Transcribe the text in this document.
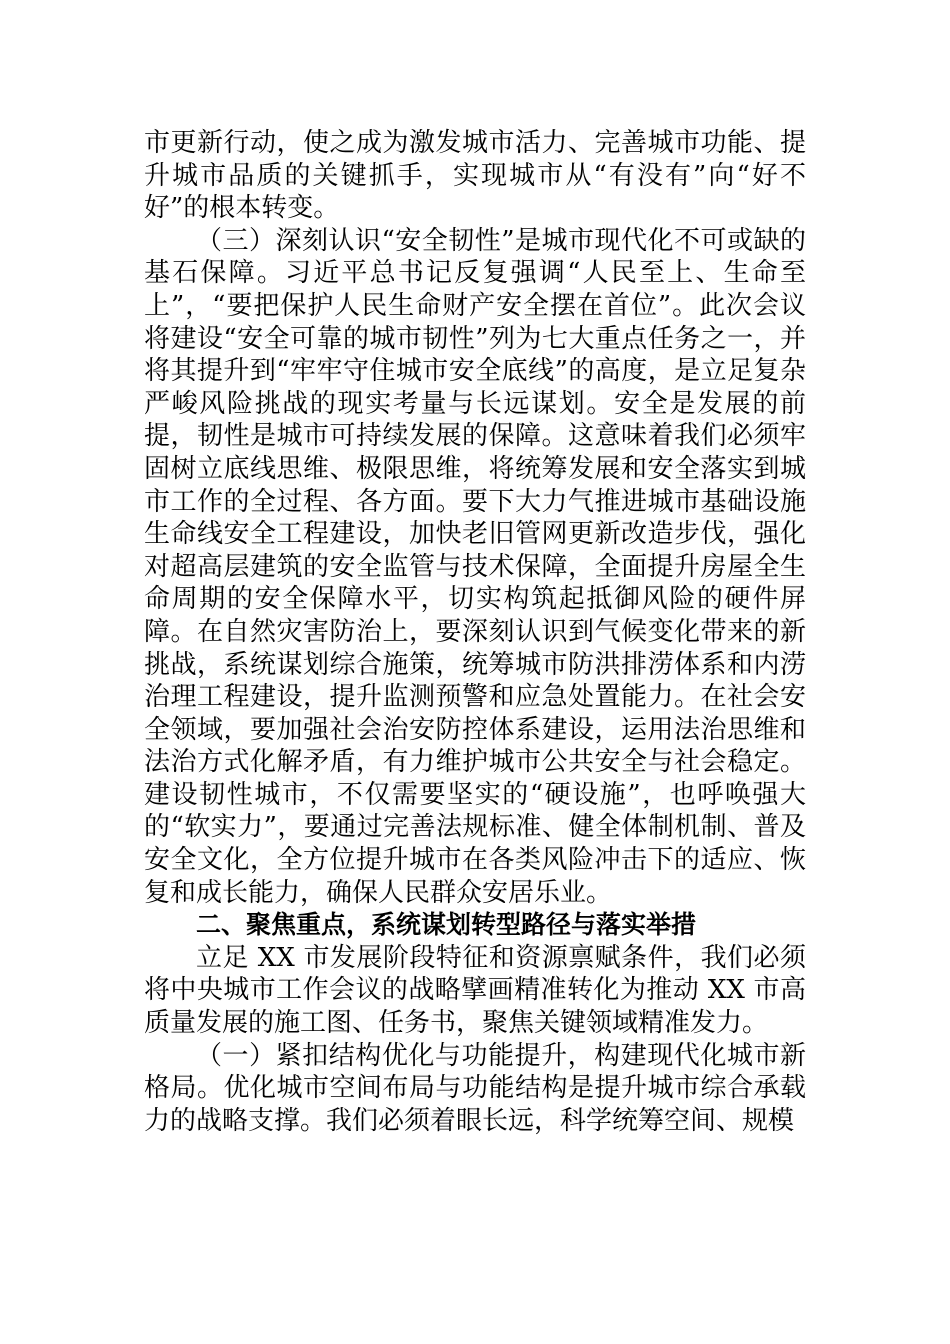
市更新行动，使之成为激发城市活力、完善城市功能、提升城市品质的关键抓手，实现城市从“有没有”向“好不好”的根本转变。

（三）深刻认识“安全韧性”是城市现代化不可或缺的基石保障。习近平总书记反复强调“人民至上、生命至上”，“要把保护人民生命财产安全摆在首位”。此次会议将建设“安全可靠的城市韧性”列为七大重点任务之一，并将其提升到“牢牢守住城市安全底线”的高度，是立足复杂严峻风险挑战的现实考量与长远谋划。安全是发展的前提，韧性是城市可持续发展的保障。这意味着我们必须牢固树立底线思维、极限思维，将统筹发展和安全落实到城市工作的全过程、各方面。要下大力气推进城市基础设施生命线安全工程建设，加快老旧管网更新改造步伐，强化对超高层建筑的安全监管与技术保障，全面提升房屋全生命周期的安全保障水平，切实构筑起抵御风险的硬件屏障。在自然灾害防治上，要深刻认识到气候变化带来的新挑战，系统谋划综合施策，统筹城市防洪排涝体系和内涝治理工程建设，提升监测预警和应急处置能力。在社会安全领域，要加强社会治安防控体系建设，运用法治思维和法治方式化解矛盾，有力维护城市公共安全与社会稳定。建设韧性城市，不仅需要坚实的“硬设施”，也呼唤强大的“软实力”，要通过完善法规标准、健全体制机制、普及安全文化，全方位提升城市在各类风险冲击下的适应、恢复和成长能力，确保人民群众安居乐业。

二、聚焦重点，系统谋划转型路径与落实举措

立足 XX 市发展阶段特征和资源禀赋条件，我们必须将中央城市工作会议的战略擘画精准转化为推动 XX 市高质量发展的施工图、任务书，聚焦关键领域精准发力。

（一）紧扣结构优化与功能提升，构建现代化城市新格局。优化城市空间布局与功能结构是提升城市综合承载力的战略支撑。我们必须着眼长远，科学统筹空间、规模
